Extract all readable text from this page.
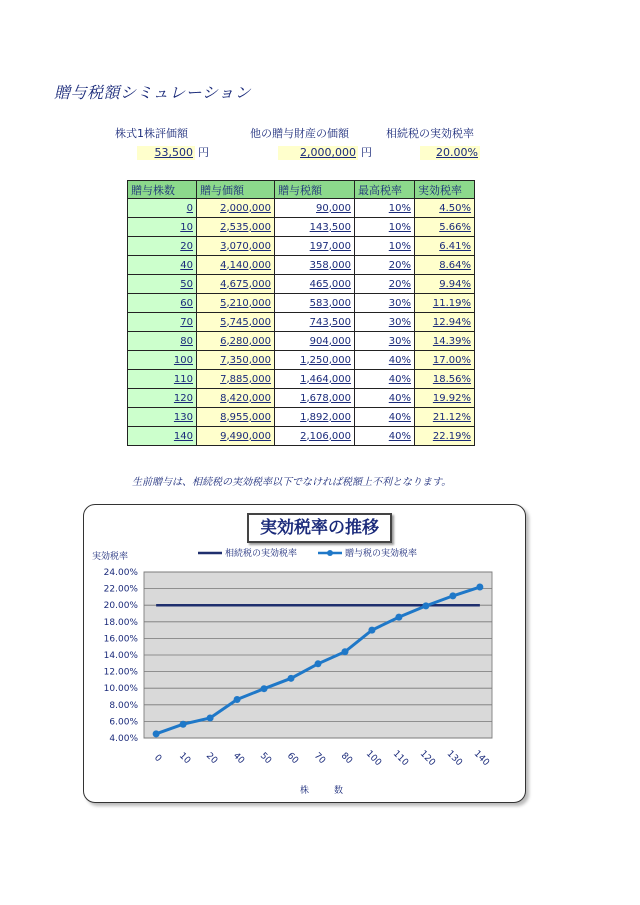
贈与税額シミュレーション
株式1株評価額	他の贈与財産の価額	相続税の実効税率
53,500 円	2,000,000 円	20.00%
贈与株数	贈与価額	贈与税額	最高税率	実効税率
0	2,000,000	90,000	10%	4.50%
10	2,535,000	143,500	10%	5.66%
20	3,070,000	197,000	10%	6.41%
40	4,140,000	358,000	20%	8.64%
50	4,675,000	465,000	20%	9.94%
60	5,210,000	583,000	30%	11.19%
70	5,745,000	743,500	30%	12.94%
80	6,280,000	904,000	30%	14.39%
100	7,350,000	1,250,000	40%	17.00%
110	7,885,000	1,464,000	40%	18.56%
120	8,420,000	1,678,000	40%	19.92%
130	8,955,000	1,892,000	40%	21.12%
140	9,490,000	2,106,000	40%	22.19%
生前贈与は、相続税の実効税率以下でなければ税額上不利となります。
4.00%
6.00%
8.00%
10.00%
12.00%
14.00%
16.00%
18.00%
20.00%
22.00%
24.00%
0 10 20 40 50 60 70 80 100 110 120 130 140
相続税の実効税率	贈与税の実効税率
実効税率の推移
実効税率
株　数
